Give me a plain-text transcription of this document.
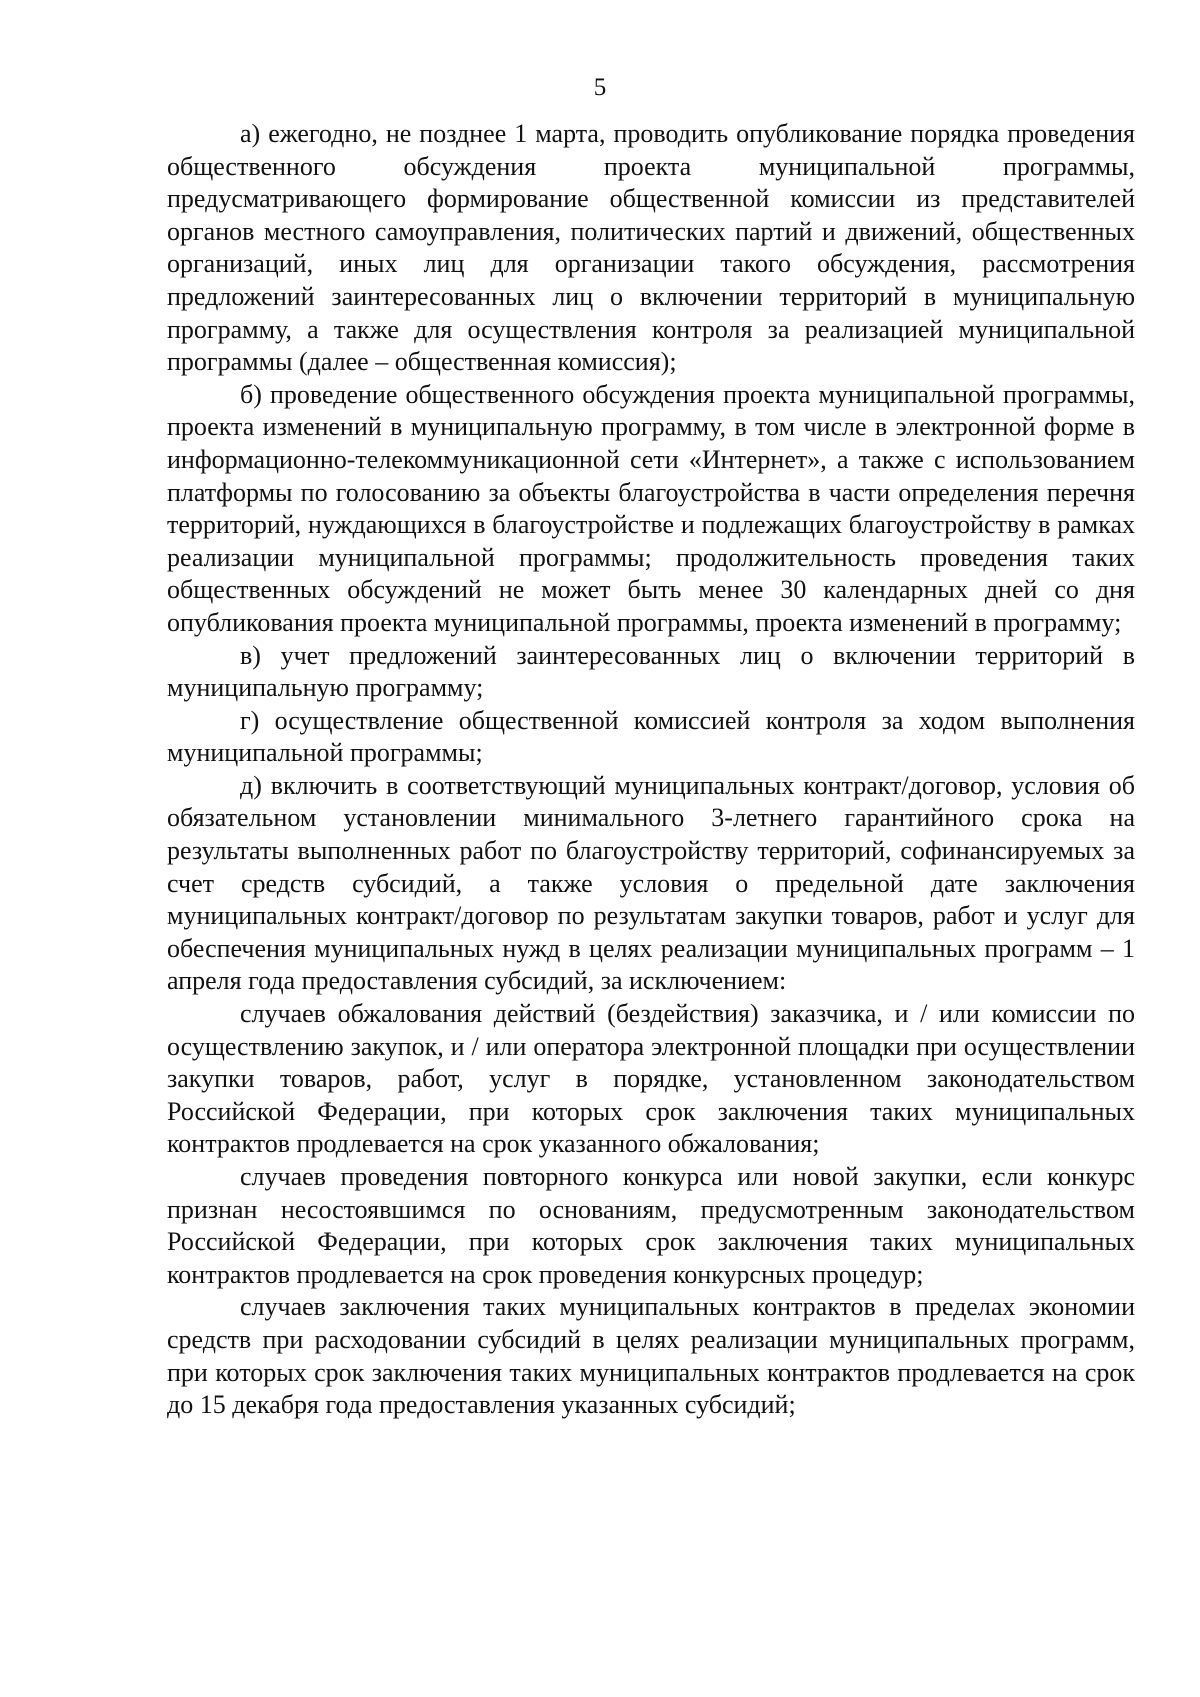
5

а) ежегодно, не позднее 1 марта, проводить опубликование порядка проведения общественного обсуждения проекта муниципальной программы, предусматривающего формирование общественной комиссии из представителей органов местного самоуправления, политических партий и движений, общественных организаций, иных лиц для организации такого обсуждения, рассмотрения предложений заинтересованных лиц о включении территорий в муниципальную программу, а также для осуществления контроля за реализацией муниципальной программы (далее – общественная комиссия);

б) проведение общественного обсуждения проекта муниципальной программы, проекта изменений в муниципальную программу, в том числе в электронной форме в информационно-телекоммуникационной сети «Интернет», а также с использованием платформы по голосованию за объекты благоустройства в части определения перечня территорий, нуждающихся в благоустройстве и подлежащих благоустройству в рамках реализации муниципальной программы; продолжительность проведения таких общественных обсуждений не может быть менее 30 календарных дней со дня опубликования проекта муниципальной программы, проекта изменений в программу;

в) учет предложений заинтересованных лиц о включении территорий в муниципальную программу;

г) осуществление общественной комиссией контроля за ходом выполнения муниципальной программы;

д) включить в соответствующий муниципальных контракт/договор, условия об обязательном установлении минимального 3-летнего гарантийного срока на результаты выполненных работ по благоустройству территорий, софинансируемых за счет средств субсидий, а также условия о предельной дате заключения муниципальных контракт/договор по результатам закупки товаров, работ и услуг для обеспечения муниципальных нужд в целях реализации муниципальных программ – 1 апреля года предоставления субсидий, за исключением:

случаев обжалования действий (бездействия) заказчика, и / или комиссии по осуществлению закупок, и / или оператора электронной площадки при осуществлении закупки товаров, работ, услуг в порядке, установленном законодательством Российской Федерации, при которых срок заключения таких муниципальных контрактов продлевается на срок указанного обжалования;

случаев проведения повторного конкурса или новой закупки, если конкурс признан несостоявшимся по основаниям, предусмотренным законодательством Российской Федерации, при которых срок заключения таких муниципальных контрактов продлевается на срок проведения конкурсных процедур;

случаев заключения таких муниципальных контрактов в пределах экономии средств при расходовании субсидий в целях реализации муниципальных программ, при которых срок заключения таких муниципальных контрактов продлевается на срок до 15 декабря года предоставления указанных субсидий;
